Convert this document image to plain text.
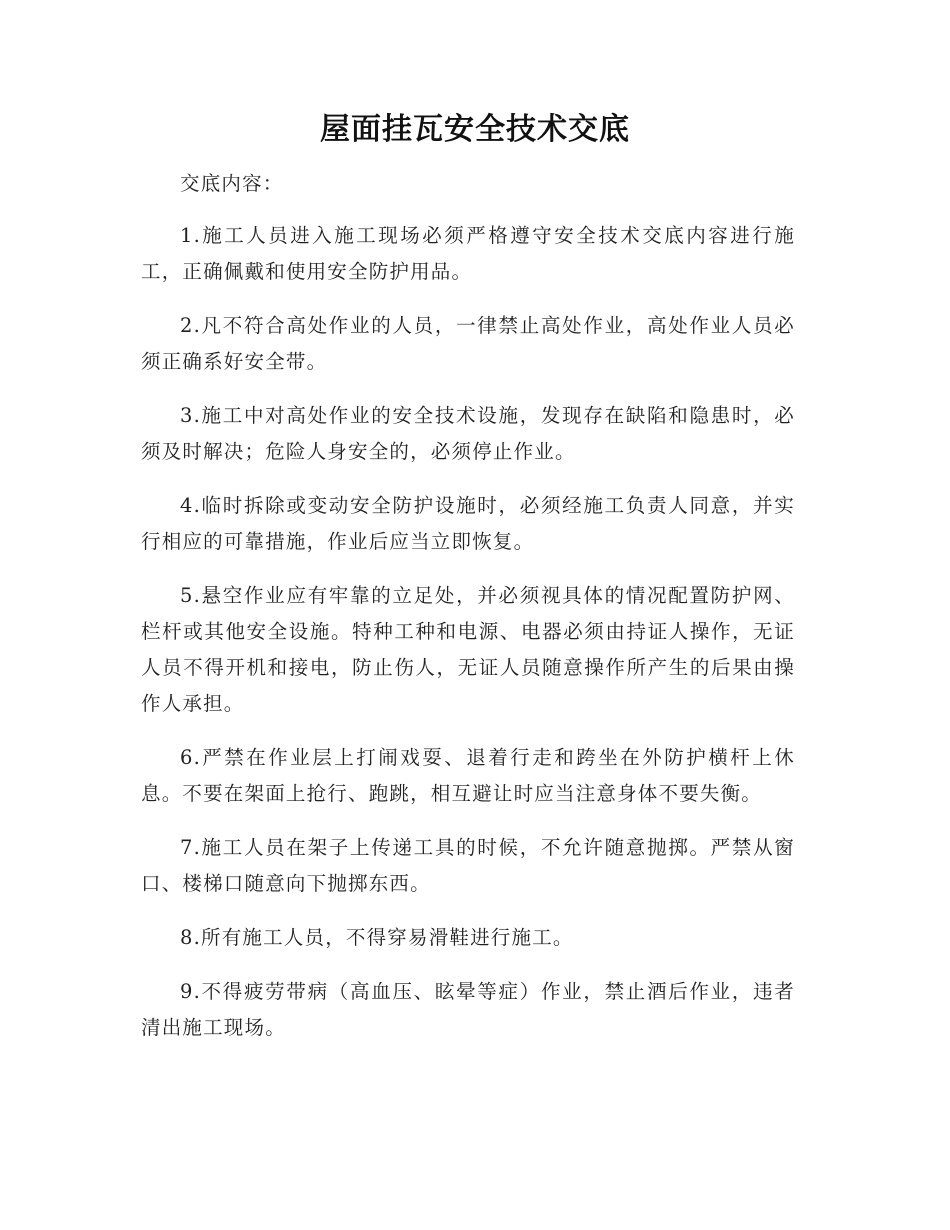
屋面挂瓦安全技术交底

交底内容：

1.施工人员进入施工现场必须严格遵守安全技术交底内容进行施工，正确佩戴和使用安全防护用品。

2.凡不符合高处作业的人员，一律禁止高处作业，高处作业人员必须正确系好安全带。

3.施工中对高处作业的安全技术设施，发现存在缺陷和隐患时，必须及时解决；危险人身安全的，必须停止作业。

4.临时拆除或变动安全防护设施时，必须经施工负责人同意，并实行相应的可靠措施，作业后应当立即恢复。

5.悬空作业应有牢靠的立足处，并必须视具体的情况配置防护网、栏杆或其他安全设施。特种工种和电源、电器必须由持证人操作，无证人员不得开机和接电，防止伤人，无证人员随意操作所产生的后果由操作人承担。

6.严禁在作业层上打闹戏耍、退着行走和跨坐在外防护横杆上休息。不要在架面上抢行、跑跳，相互避让时应当注意身体不要失衡。

7.施工人员在架子上传递工具的时候，不允许随意抛掷。严禁从窗口、楼梯口随意向下抛掷东西。

8.所有施工人员，不得穿易滑鞋进行施工。

9.不得疲劳带病（高血压、眩晕等症）作业，禁止酒后作业，违者清出施工现场。
